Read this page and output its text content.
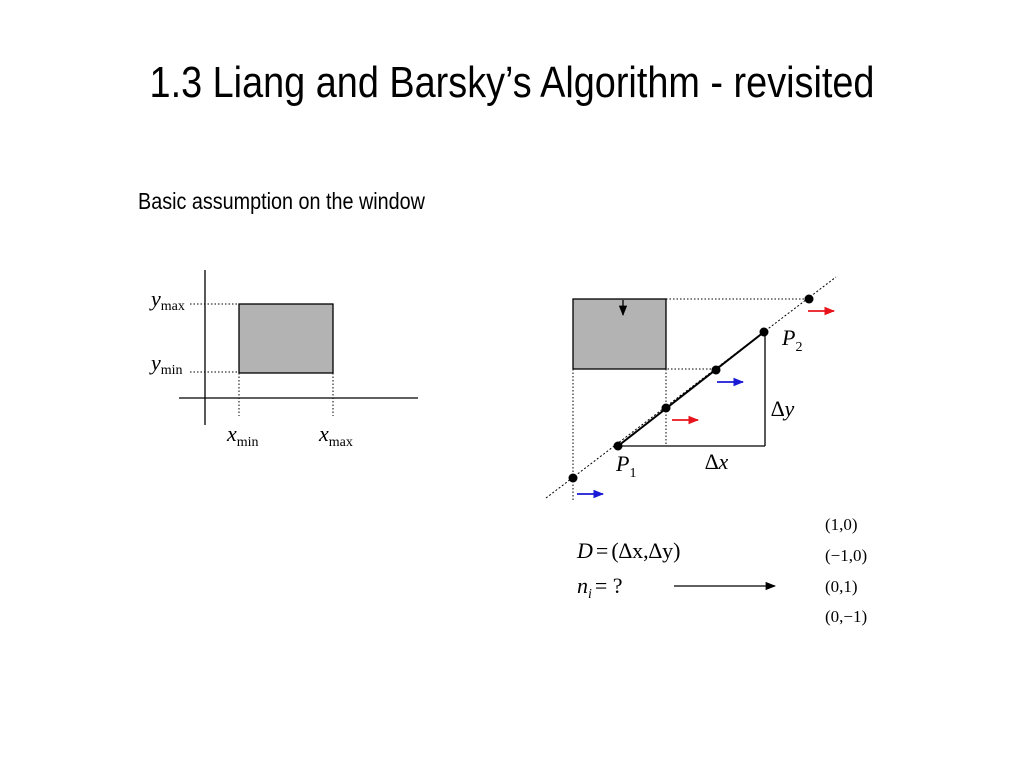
1.3 Liang and Barsky’s Algorithm - revisited
Basic assumption on the window
ymax
ymin
$x_{min}$	$x_{max}$
$P_2$
$P_1$
∆y
∆x
D = (∆x,∆y)
$n_i$ = ?
(1,0)
(−1,0)
(0,1)
(0,−1)
